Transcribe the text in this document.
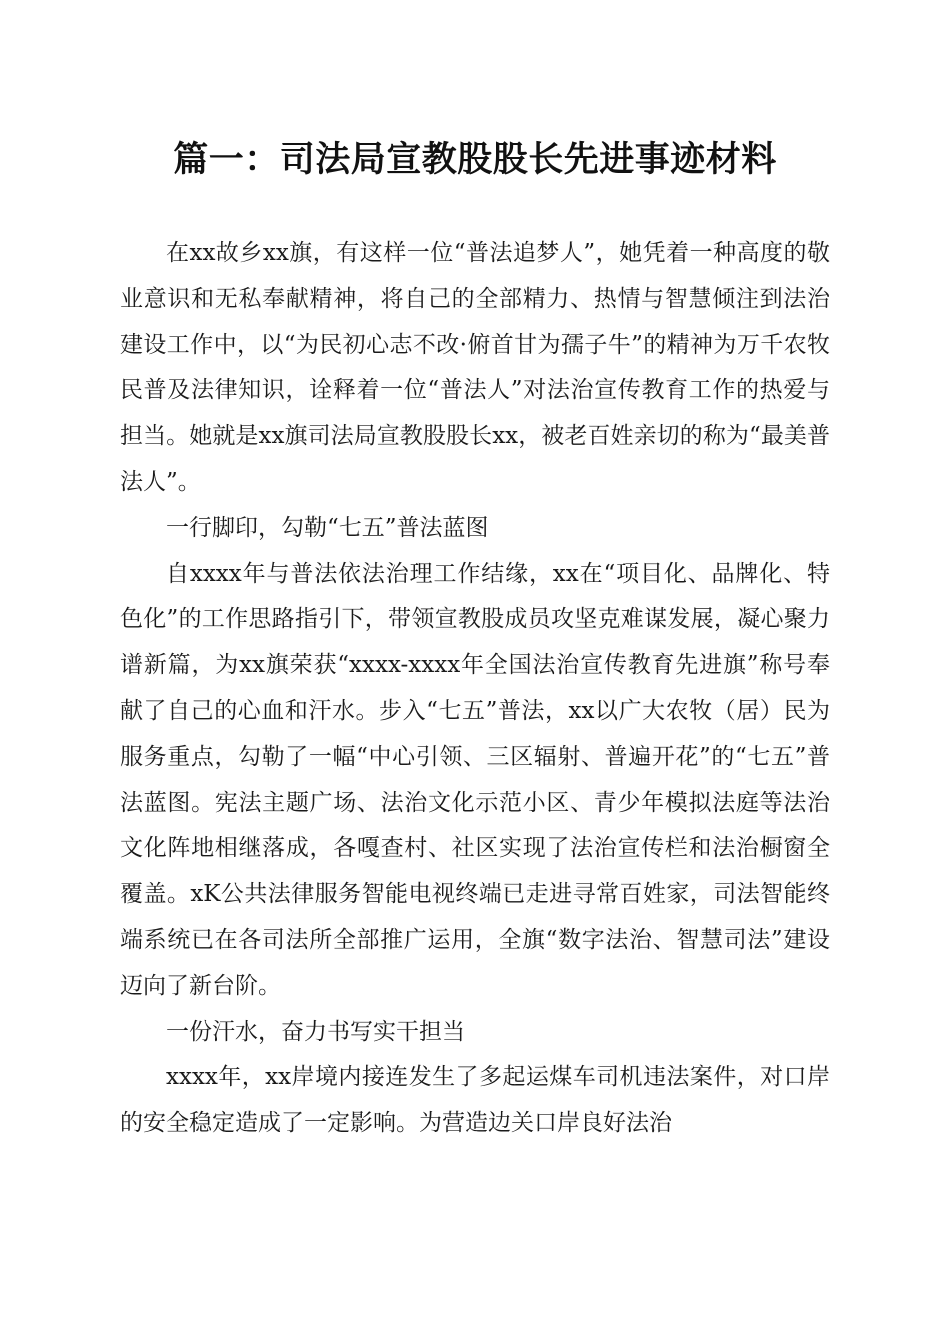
篇一：司法局宣教股股长先进事迹材料

在xx故乡xx旗，有这样一位“普法追梦人”，她凭着一种高度的敬业意识和无私奉献精神，将自己的全部精力、热情与智慧倾注到法治建设工作中，以“为民初心志不改·俯首甘为孺子牛”的精神为万千农牧民普及法律知识，诠释着一位“普法人”对法治宣传教育工作的热爱与担当。她就是xx旗司法局宣教股股长xx，被老百姓亲切的称为“最美普法人”。

一行脚印，勾勒“七五”普法蓝图

自xxxx年与普法依法治理工作结缘，xx在“项目化、品牌化、特色化”的工作思路指引下，带领宣教股成员攻坚克难谋发展，凝心聚力谱新篇，为xx旗荣获“xxxx-xxxx年全国法治宣传教育先进旗”称号奉献了自己的心血和汗水。步入“七五”普法，xx以广大农牧（居）民为服务重点，勾勒了一幅“中心引领、三区辐射、普遍开花”的“七五”普法蓝图。宪法主题广场、法治文化示范小区、青少年模拟法庭等法治文化阵地相继落成，各嘎查村、社区实现了法治宣传栏和法治橱窗全覆盖。xK公共法律服务智能电视终端已走进寻常百姓家，司法智能终端系统已在各司法所全部推广运用，全旗“数字法治、智慧司法”建设迈向了新台阶。

一份汗水，奋力书写实干担当

xxxx年，xx岸境内接连发生了多起运煤车司机违法案件，对口岸的安全稳定造成了一定影响。为营造边关口岸良好法治
